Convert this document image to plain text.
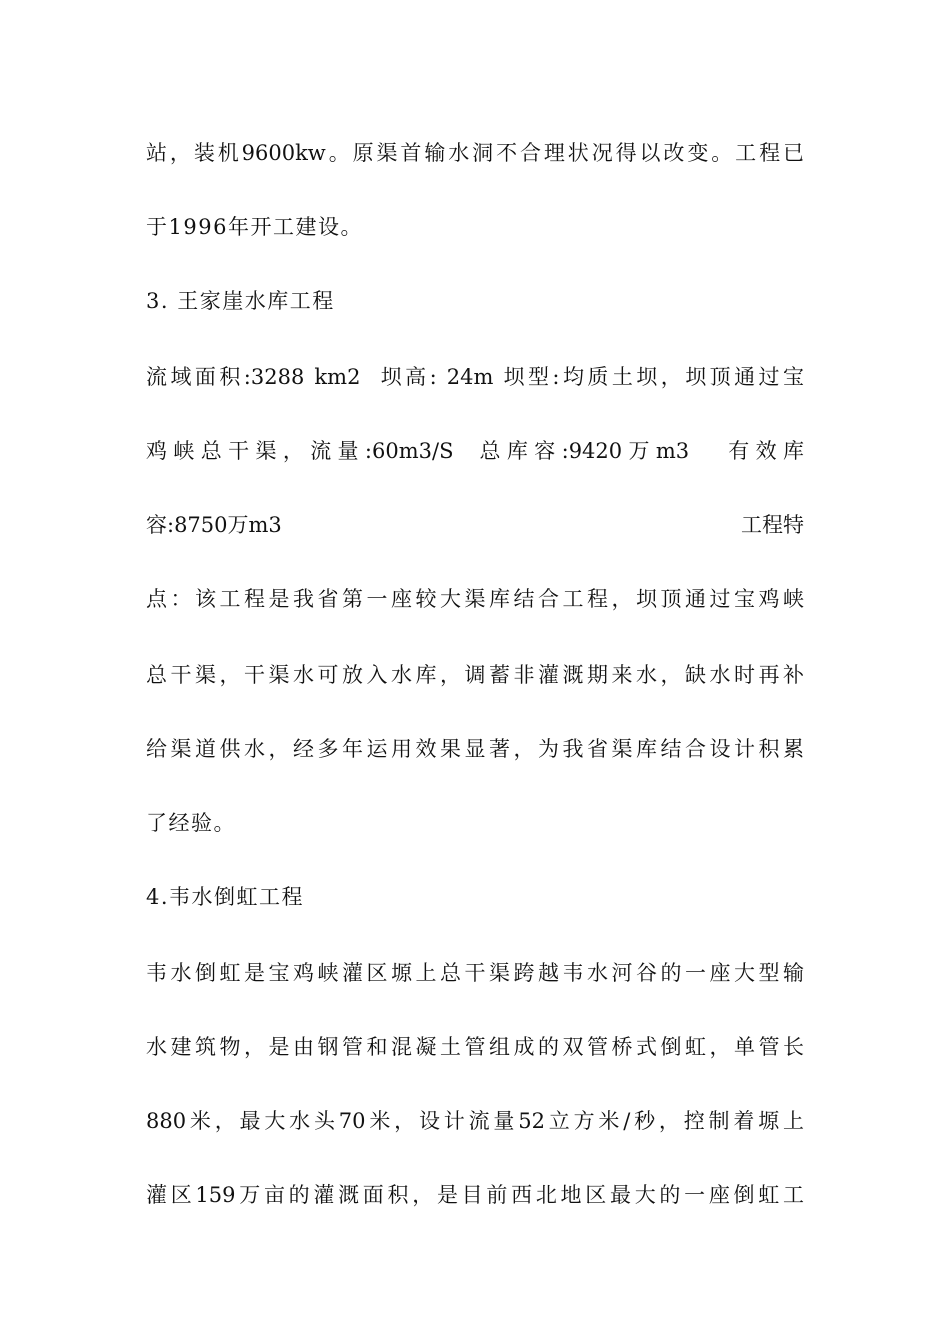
站，装机9600kw。原渠首输水洞不合理状况得以改变。工程已
于1996年开工建设。
3. 王家崖水库工程
流域面积:3288 km2  坝高: 24m 坝型:均质土坝，坝顶通过宝
鸡峡总干渠，流量:60m3/S  总库容:9420万m3   有效库
容:8750万m3	工程特
点：该工程是我省第一座较大渠库结合工程，坝顶通过宝鸡峡
总干渠，干渠水可放入水库，调蓄非灌溉期来水，缺水时再补
给渠道供水，经多年运用效果显著，为我省渠库结合设计积累
了经验。
4.韦水倒虹工程
韦水倒虹是宝鸡峡灌区塬上总干渠跨越韦水河谷的一座大型输
水建筑物，是由钢管和混凝土管组成的双管桥式倒虹，单管长
880米，最大水头70米，设计流量52立方米/秒，控制着塬上
灌区159万亩的灌溉面积，是目前西北地区最大的一座倒虹工
